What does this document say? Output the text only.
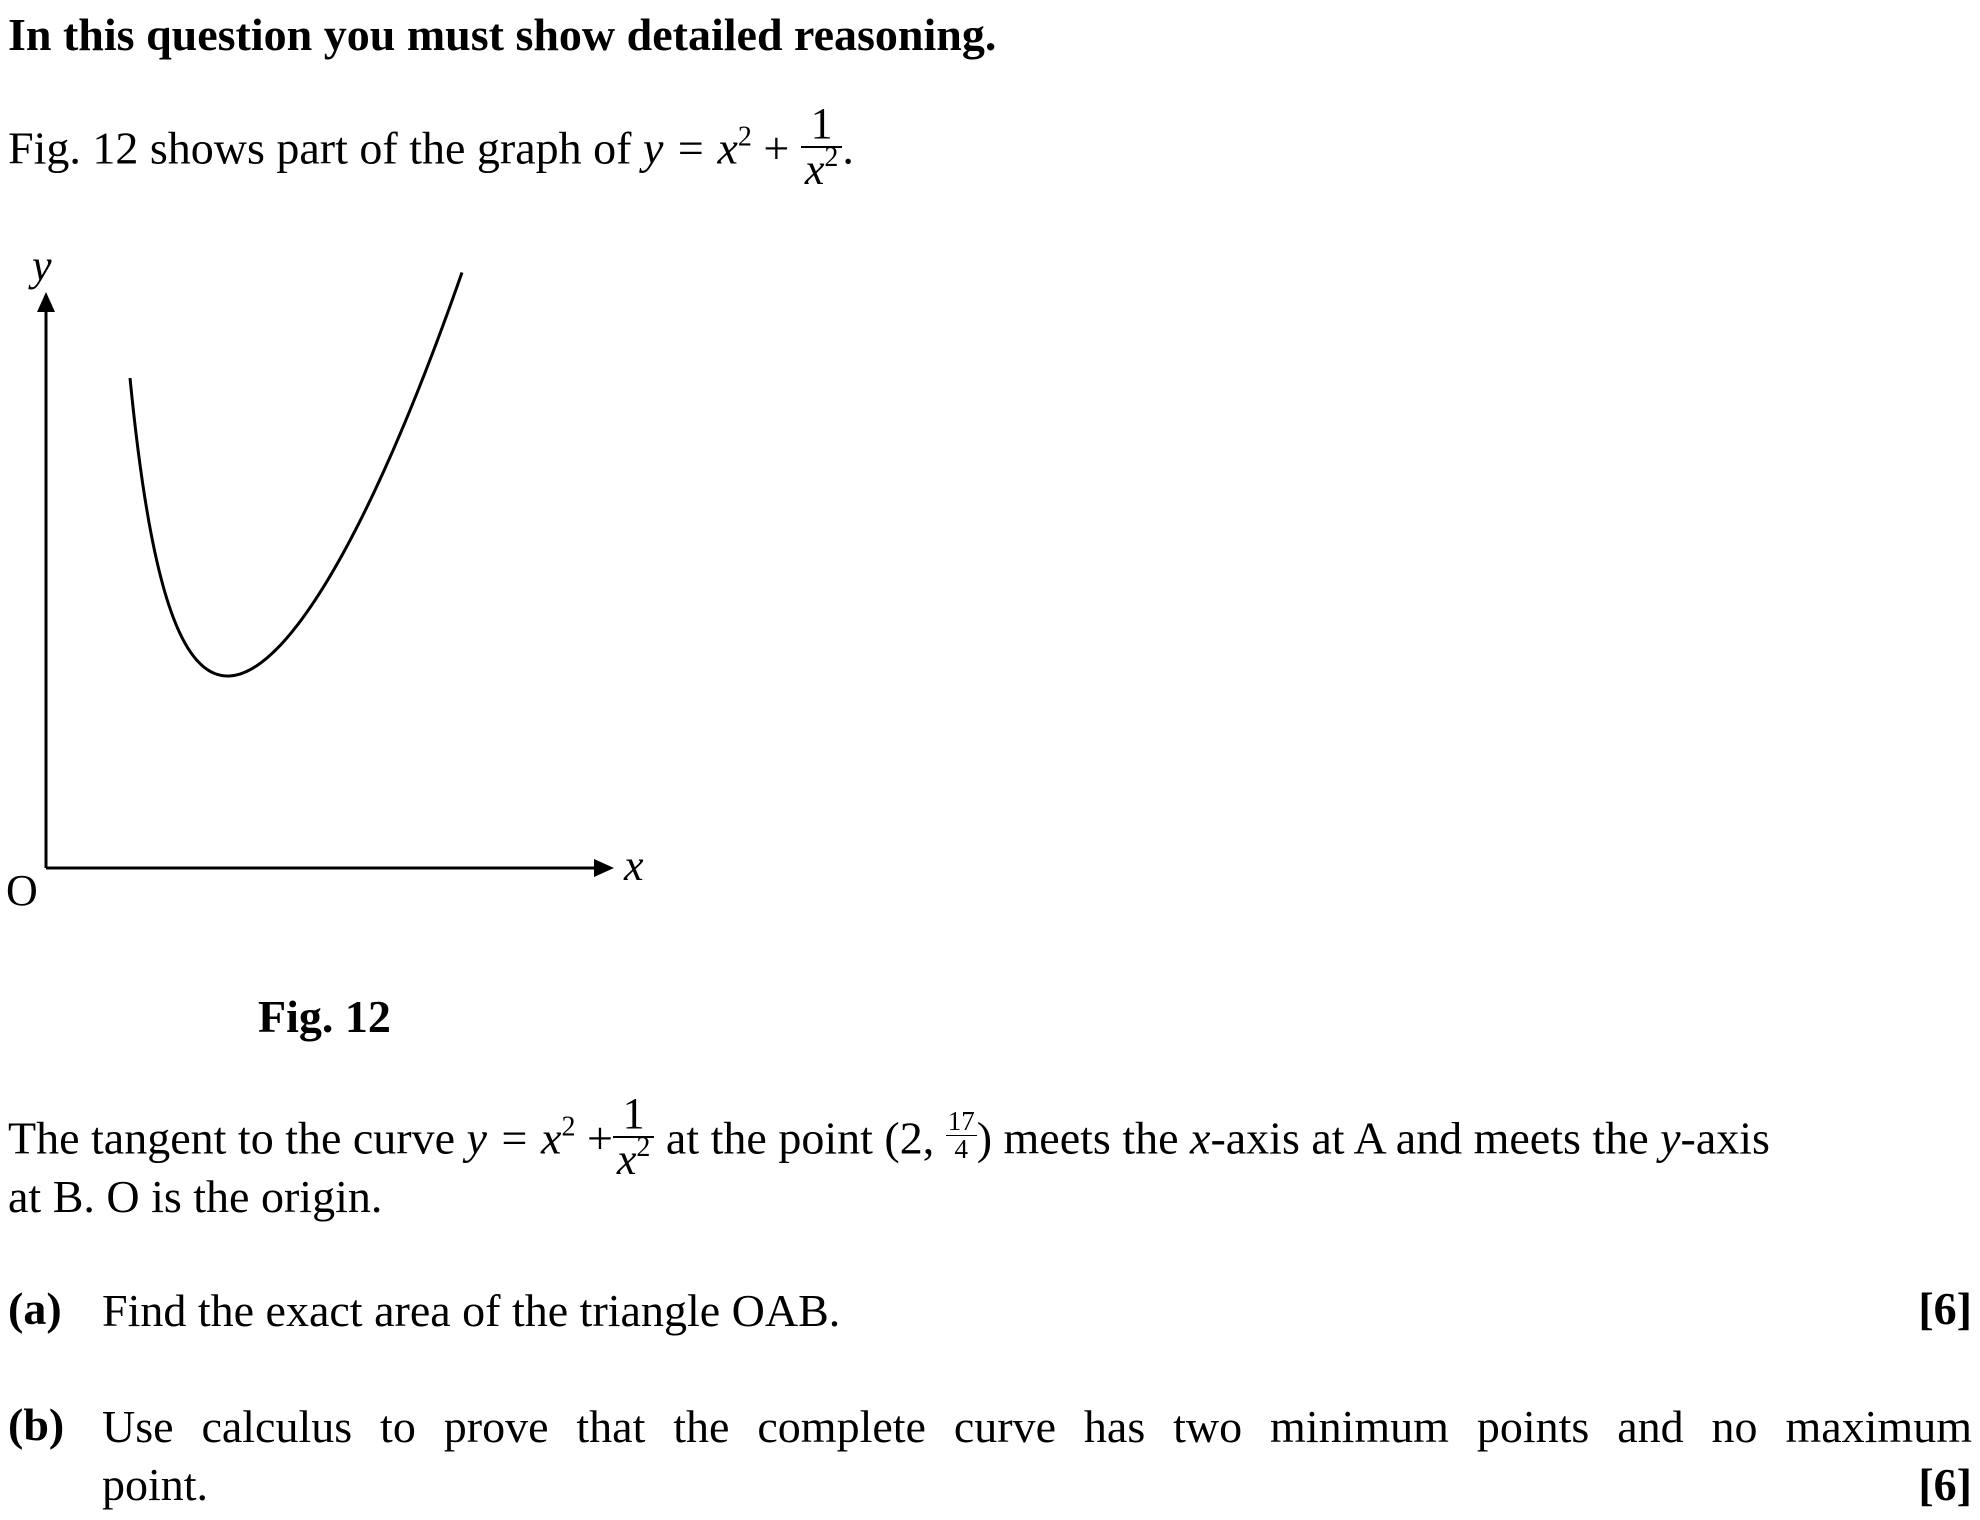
In this question you must show detailed reasoning.
Fig. 12 shows part of the graph of $y = x^2 + \frac{1}{x^2}$ .
y
x
O
Fig. 12
The tangent to the curve $y = x^2 + \frac{1}{x^2}$ at the point (2, $\frac{17}{4}$ ) meets the x-axis at A and meets the y-axis
at B. O is the origin.
(a) Find the exact area of the triangle OAB.	[6]
(b) Use calculus to prove that the complete curve has two minimum points and no maximum
point.	[6]
